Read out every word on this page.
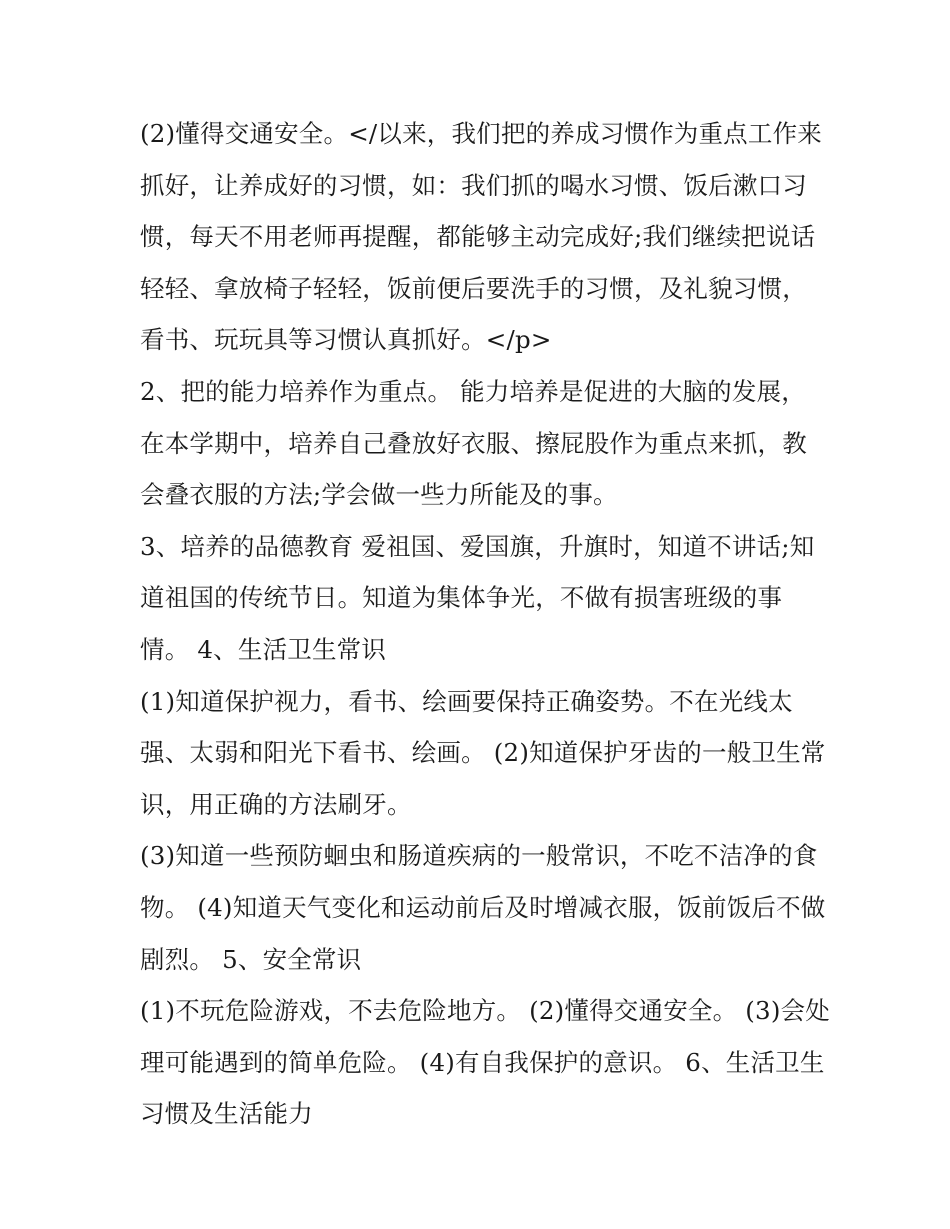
(2)懂得交通安全。</以来，我们把的养成习惯作为重点工作来抓好，让养成好的习惯，如：我们抓的喝水习惯、饭后漱口习惯，每天不用老师再提醒，都能够主动完成好;我们继续把说话轻轻、拿放椅子轻轻，饭前便后要洗手的习惯，及礼貌习惯，看书、玩玩具等习惯认真抓好。</p>

2、把的能力培养作为重点。 能力培养是促进的大脑的发展，在本学期中，培养自己叠放好衣服、擦屁股作为重点来抓，教会叠衣服的方法;学会做一些力所能及的事。

3、培养的品德教育 爱祖国、爱国旗，升旗时，知道不讲话;知道祖国的传统节日。知道为集体争光，不做有损害班级的事情。 4、生活卫生常识

(1)知道保护视力，看书、绘画要保持正确姿势。不在光线太强、太弱和阳光下看书、绘画。 (2)知道保护牙齿的一般卫生常识，用正确的方法刷牙。

(3)知道一些预防蛔虫和肠道疾病的一般常识，不吃不洁净的食物。 (4)知道天气变化和运动前后及时增减衣服，饭前饭后不做剧烈。 5、安全常识

(1)不玩危险游戏，不去危险地方。 (2)懂得交通安全。 (3)会处理可能遇到的简单危险。 (4)有自我保护的意识。 6、生活卫生习惯及生活能力
